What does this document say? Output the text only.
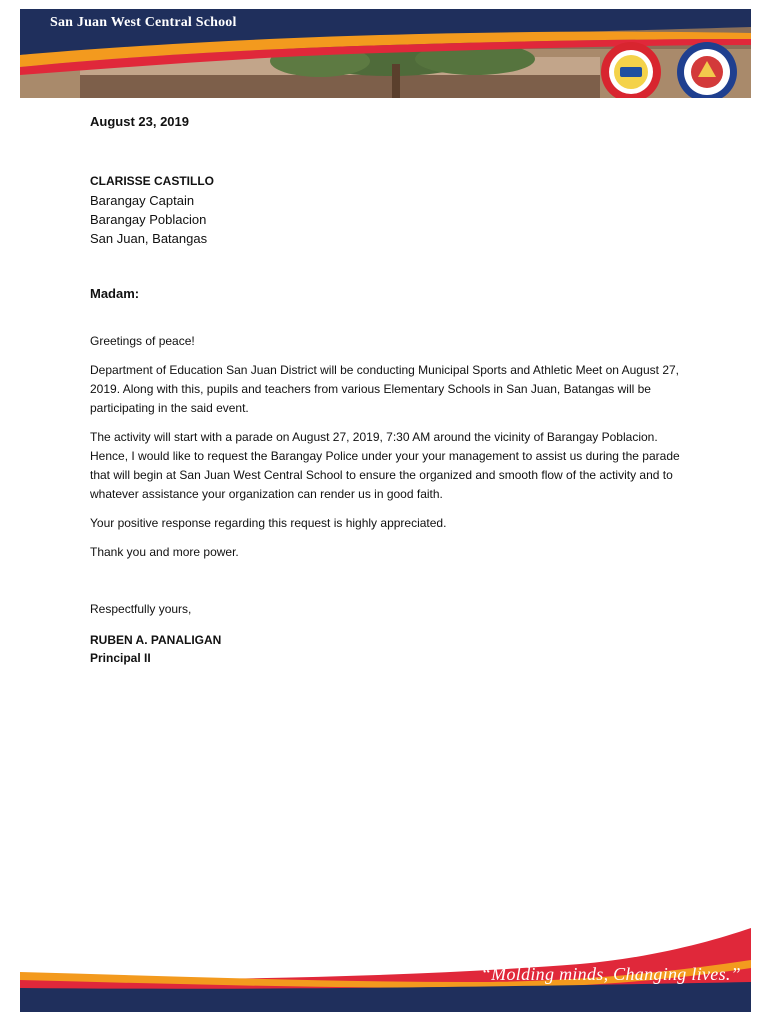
San Juan West Central School
August 23, 2019
CLARISSE CASTILLO
Barangay Captain
Barangay Poblacion
San Juan, Batangas
Madam:

Greetings of peace!

Department of Education San Juan District will be conducting Municipal Sports and Athletic Meet on August 27, 2019. Along with this, pupils and teachers from various Elementary Schools in San Juan, Batangas will be participating in the said event.

The activity will start with a parade on August 27, 2019, 7:30 AM around the vicinity of Barangay Poblacion. Hence, I would like to request the Barangay Police under your your management to assist us during the parade that will begin at San Juan West Central School to ensure the organized and smooth flow of the activity and to whatever assistance your organization can render us in good faith.

Your positive response regarding this request is highly appreciated.

Thank you and more power.

Respectfully yours,
RUBEN A. PANALIGAN
Principal II
“Molding minds, Changing lives.”
